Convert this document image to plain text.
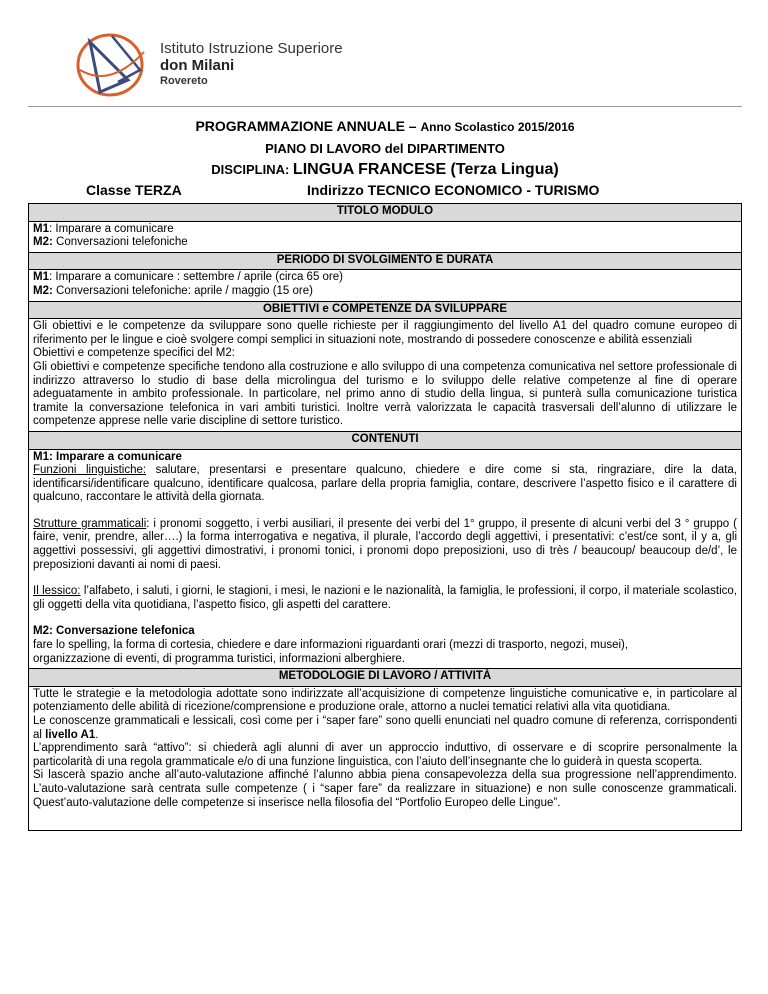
Istituto Istruzione Superiore
don Milani
Rovereto
PROGRAMMAZIONE ANNUALE – Anno Scolastico 2015/2016
PIANO DI LAVORO del DIPARTIMENTO
DISCIPLINA: LINGUA FRANCESE (Terza Lingua)
Classe TERZA	Indirizzo TECNICO ECONOMICO - TURISMO
TITOLO MODULO

M1: Imparare a comunicare
M2: Conversazioni telefoniche

PERIODO DI SVOLGIMENTO E DURATA

M1: Imparare a comunicare : settembre / aprile (circa 65 ore)
M2: Conversazioni telefoniche: aprile / maggio (15 ore)

OBIETTIVI e COMPETENZE DA SVILUPPARE

Gli obiettivi e le competenze da sviluppare sono quelle richieste per il raggiungimento del livello A1 del quadro comune europeo di riferimento per le lingue e cioè svolgere compi semplici in situazioni note, mostrando di possedere conoscenze e abilità essenziali
Obiettivi e competenze specifici del M2:
Gli obiettivi e competenze specifiche tendono alla costruzione e allo sviluppo di una competenza comunicativa nel settore professionale di indirizzo attraverso lo studio di base della microlingua del turismo e lo sviluppo delle relative competenze al fine di operare adeguatamente in ambito professionale. In particolare, nel primo anno di studio della lingua, si punterà sulla comunicazione turistica tramite la conversazione telefonica in vari ambiti turistici. Inoltre verrà valorizzata le capacità trasversali dell’alunno di utilizzare le competenze apprese nelle varie discipline di settore turistico.

CONTENUTI

M1: Imparare a comunicare
Funzioni linguistiche: salutare, presentarsi e presentare qualcuno, chiedere e dire come si sta, ringraziare, dire la data, identificarsi/identificare qualcuno, identificare qualcosa, parlare della propria famiglia, contare, descrivere l’aspetto fisico e il carattere di qualcuno, raccontare le attività della giornata.
Strutture grammaticali: i pronomi soggetto, i verbi ausiliari, il presente dei verbi del 1° gruppo, il presente di alcuni verbi del 3 ° gruppo ( faire, venir, prendre, aller….) la forma interrogativa e negativa, il plurale, l’accordo degli aggettivi, i presentativi: c’est/ce sont, il y a, gli aggettivi possessivi, gli aggettivi dimostrativi, i pronomi tonici, i pronomi dopo preposizioni, uso di très / beaucoup/ beaucoup de/d’, le preposizioni davanti ai nomi di paesi.
Il lessico: l’alfabeto, i saluti, i giorni, le stagioni, i mesi, le nazioni e le nazionalità, la famiglia, le professioni, il corpo, il materiale scolastico, gli oggetti della vita quotidiana, l’aspetto fisico, gli aspetti del carattere.
M2: Conversazione telefonica
fare lo spelling, la forma di cortesia, chiedere e dare informazioni riguardanti orari (mezzi di trasporto, negozi, musei),
organizzazione di eventi, di programma turistici, informazioni alberghiere.

METODOLOGIE DI LAVORO / ATTIVITÀ

Tutte le strategie e la metodologia adottate sono indirizzate all’acquisizione di competenze linguistiche comunicative e, in particolare al potenziamento delle abilità di ricezione/comprensione e produzione orale, attorno a nuclei tematici relativi alla vita quotidiana.
Le conoscenze grammaticali e lessicali, così come per i “saper fare” sono quelli enunciati nel quadro comune di referenza, corrispondenti al livello A1.
L’apprendimento sarà “attivo”: si chiederà agli alunni di aver un approccio induttivo, di osservare e di scoprire personalmente la particolarità di una regola grammaticale e/o di una funzione linguistica, con l’aiuto dell’insegnante che lo guiderà in questa scoperta.
Si lascerà spazio anche all’auto-valutazione affinché l’alunno abbia piena consapevolezza della sua progressione nell’apprendimento. L’auto-valutazione sarà centrata sulle competenze ( i “saper fare” da realizzare in situazione) e non sulle conoscenze grammaticali. Quest’auto-valutazione delle competenze si inserisce nella filosofia del “Portfolio Europeo delle Lingue”.
